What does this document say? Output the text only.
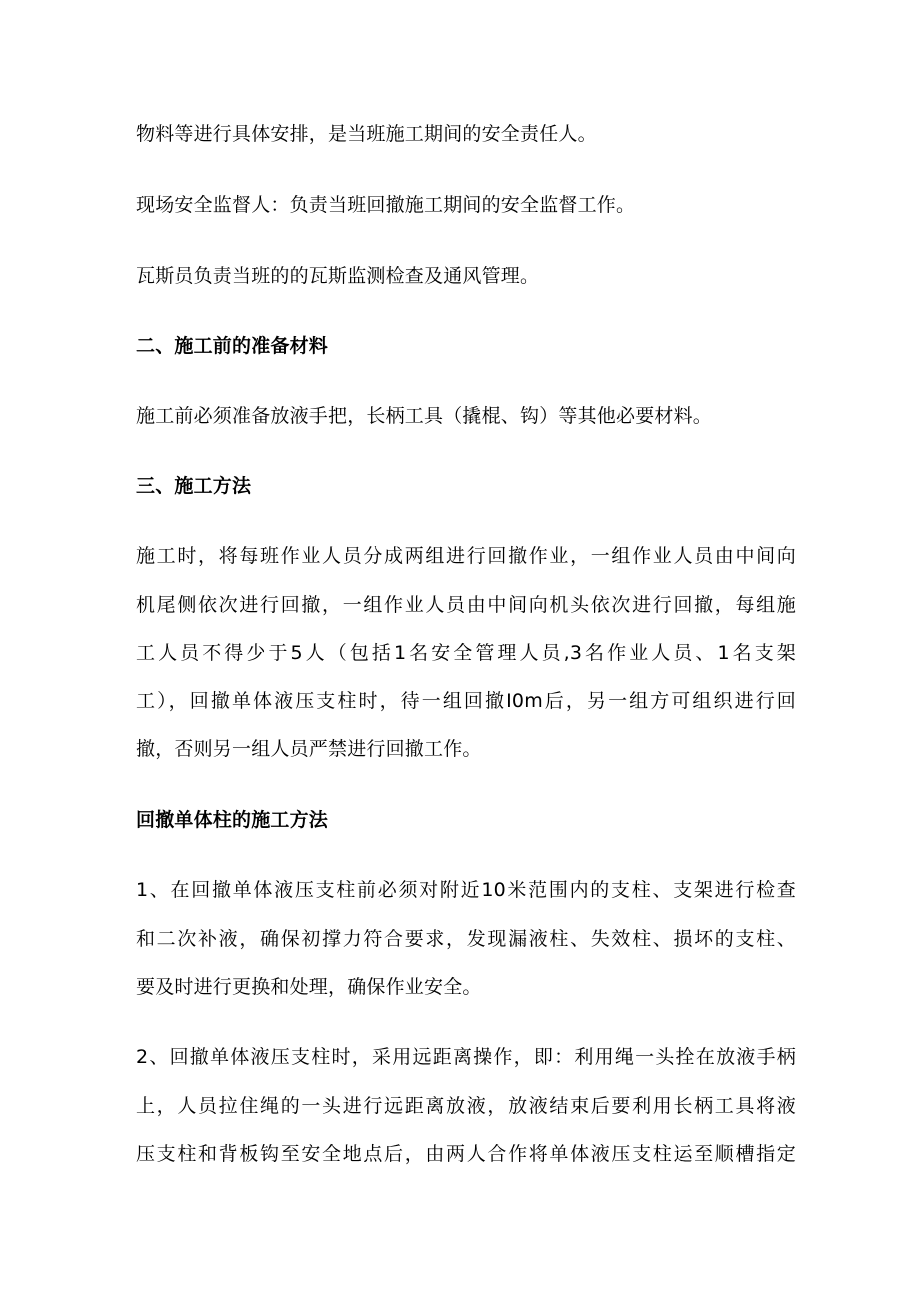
物料等进行具体安排，是当班施工期间的安全责任人。
现场安全监督人：负责当班回撤施工期间的安全监督工作。
瓦斯员负责当班的的瓦斯监测检查及通风管理。
二、施工前的准备材料
施工前必须准备放液手把，长柄工具（撬棍、钩）等其他必要材料。
三、施工方法
施工时，将每班作业人员分成两组进行回撤作业，一组作业人员由中间向
机尾侧依次进行回撤，一组作业人员由中间向机头依次进行回撤，每组施
工人员不得少于5人（包括1名安全管理人员,3名作业人员、1名支架
工），回撤单体液压支柱时，待一组回撤I0m后，另一组方可组织进行回
撤，否则另一组人员严禁进行回撤工作。
回撤单体柱的施工方法
1、在回撤单体液压支柱前必须对附近10米范围内的支柱、支架进行检查
和二次补液，确保初撑力符合要求，发现漏液柱、失效柱、损坏的支柱、
要及时进行更换和处理，确保作业安全。
2、回撤单体液压支柱时，采用远距离操作，即：利用绳一头拴在放液手柄
上，人员拉住绳的一头进行远距离放液，放液结束后要利用长柄工具将液
压支柱和背板钩至安全地点后，由两人合作将单体液压支柱运至顺槽指定
